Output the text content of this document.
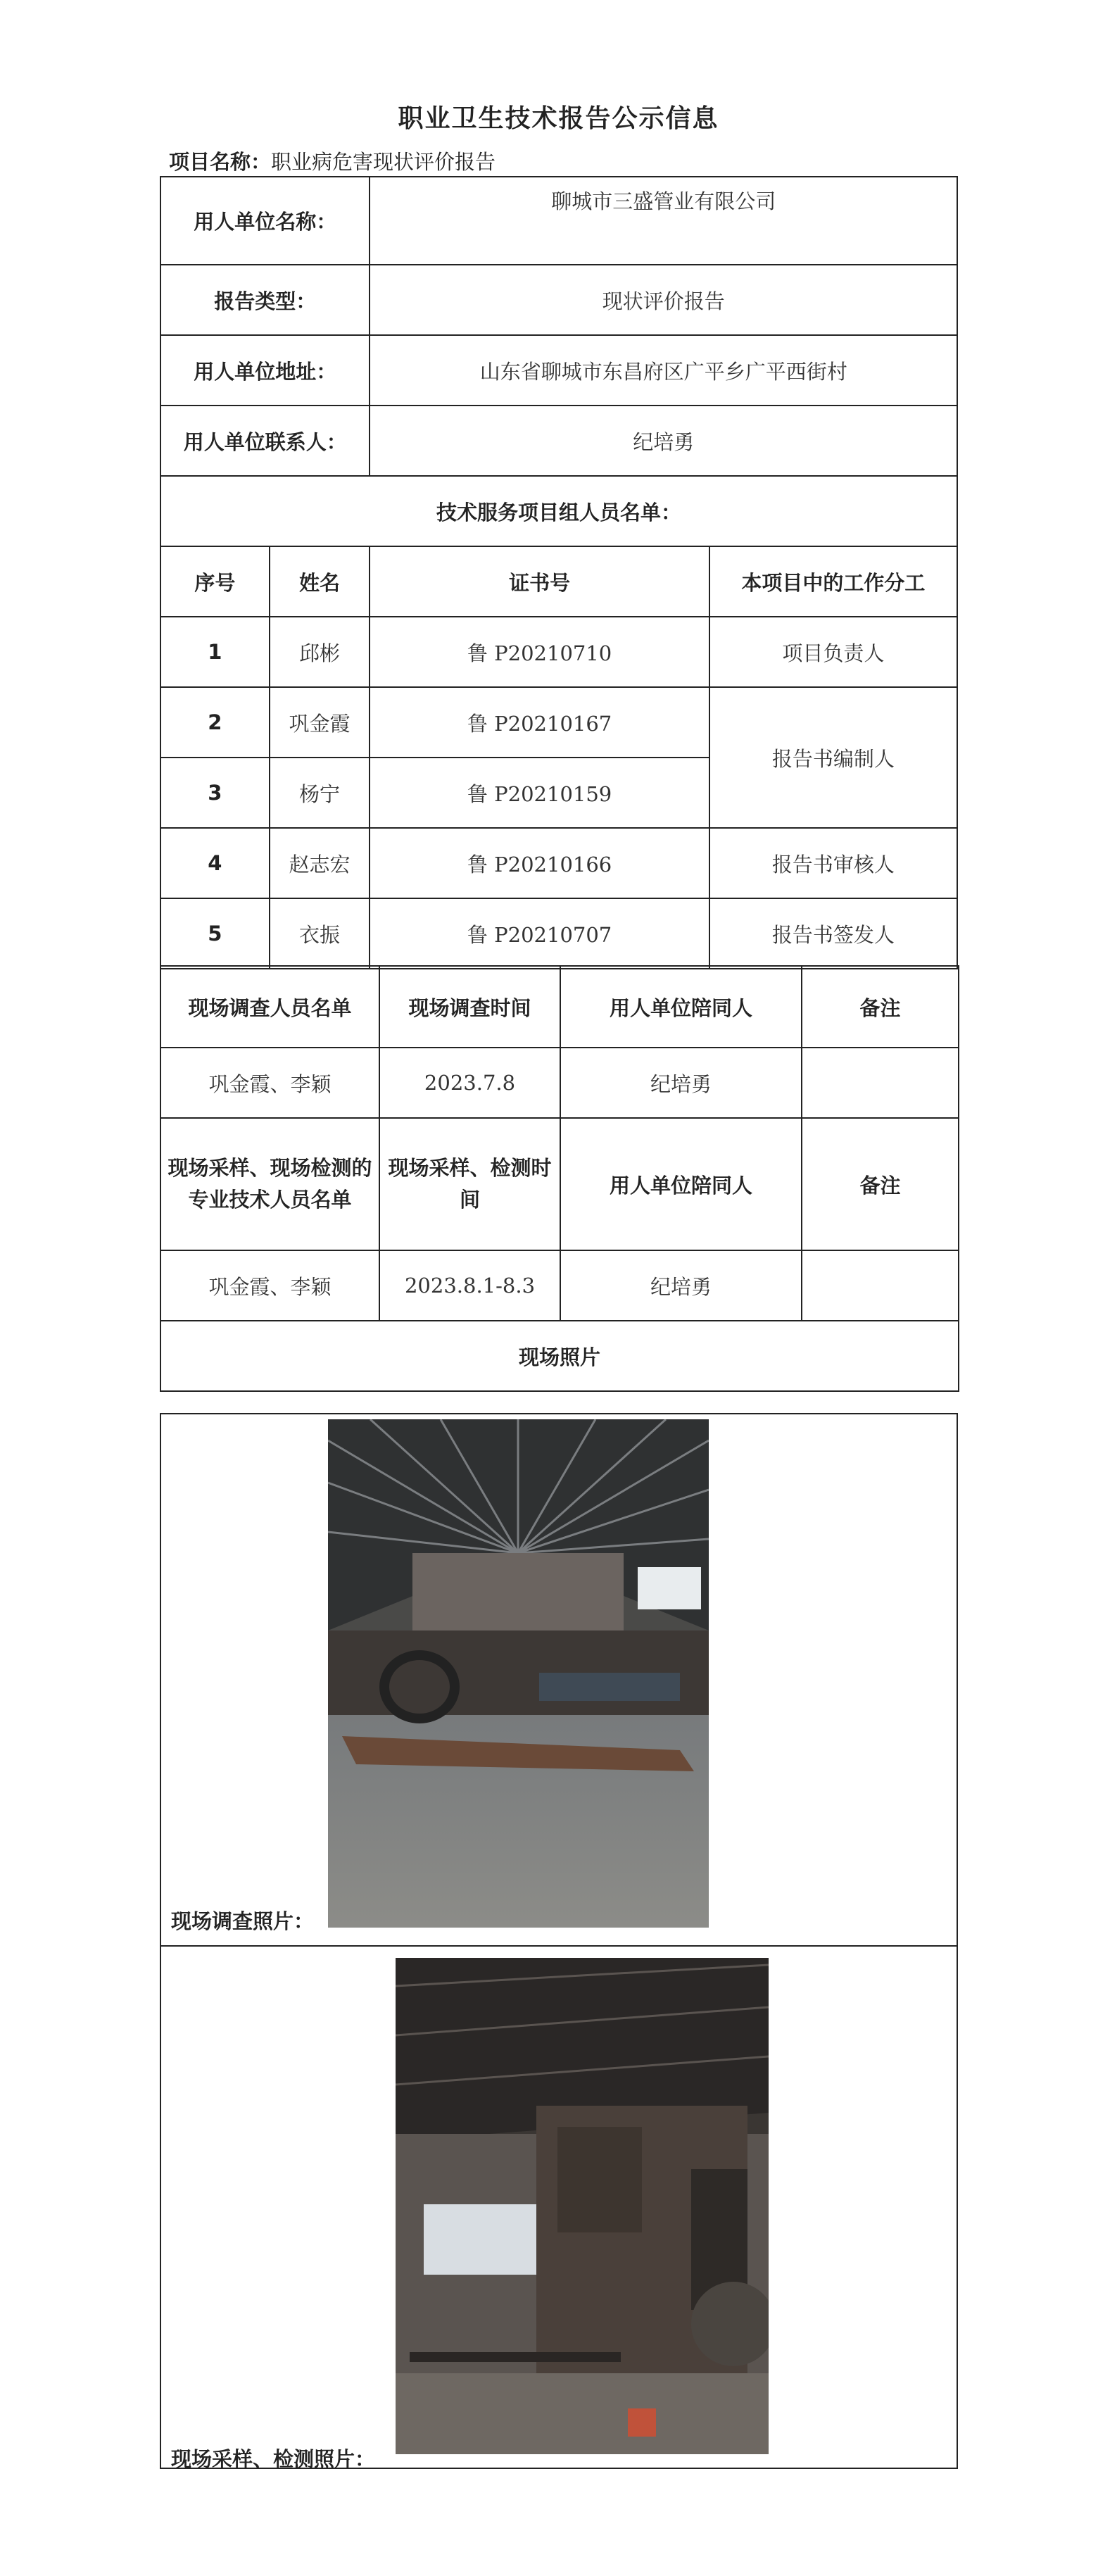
职业卫生技术报告公示信息
项目名称：职业病危害现状评价报告
用人单位名称：		聊城市三盛管业有限公司	
报告类型：		现状评价报告	
用人单位地址：		山东省聊城市东昌府区广平乡广平西街村	
用人单位联系人：		纪培勇	
技术服务项目组人员名单：			
序号	姓名	证书号	本项目中的工作分工
1	邱彬	鲁 P20210710	项目负责人
2	巩金霞	鲁 P20210167	报告书编制人
3	杨宁	鲁 P20210159	
4	赵志宏	鲁 P20210166	报告书审核人
5	衣振	鲁 P20210707	报告书签发人
现场调查人员名单	现场调查时间	用人单位陪同人	备注
巩金霞、李颖	2023.7.8	纪培勇	
现场采样、现场检测的专业技术人员名单	现场采样、检测时间	用人单位陪同人	备注
巩金霞、李颖	2023.8.1-8.3	纪培勇	
现场照片			
现场调查照片：
现场采样、检测照片：
